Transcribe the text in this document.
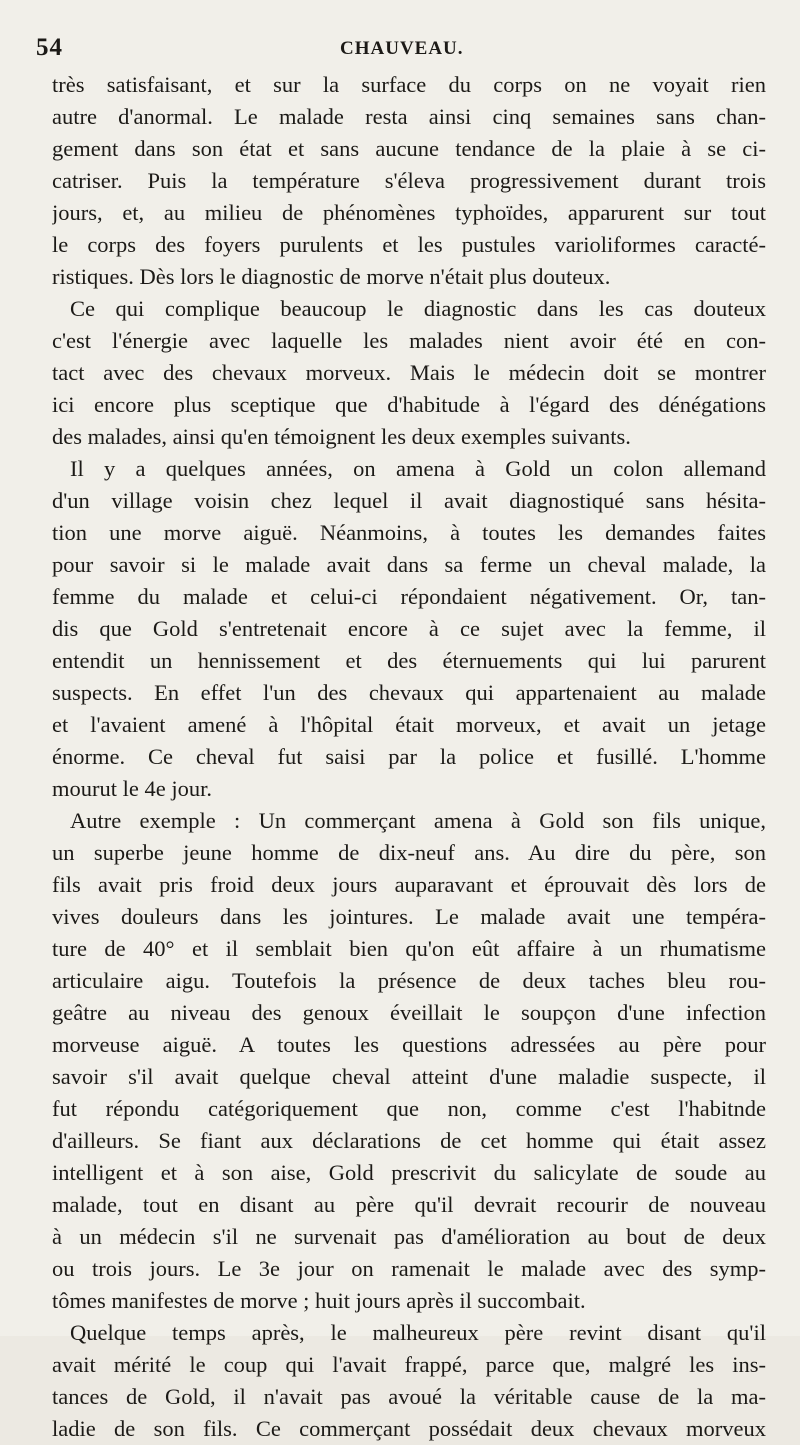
54	CHAUVEAU.
très satisfaisant, et sur la surface du corps on ne voyait rien
autre d'anormal. Le malade resta ainsi cinq semaines sans chan-
gement dans son état et sans aucune tendance de la plaie à se ci-
catriser. Puis la température s'éleva progressivement durant trois
jours, et, au milieu de phénomènes typhoïdes, apparurent sur tout
le corps des foyers purulents et les pustules varioliformes caracté-
ristiques. Dès lors le diagnostic de morve n'était plus douteux.
Ce qui complique beaucoup le diagnostic dans les cas douteux
c'est l'énergie avec laquelle les malades nient avoir été en con-
tact avec des chevaux morveux. Mais le médecin doit se montrer
ici encore plus sceptique que d'habitude à l'égard des dénégations
des malades, ainsi qu'en témoignent les deux exemples suivants.
Il y a quelques années, on amena à Gold un colon allemand
d'un village voisin chez lequel il avait diagnostiqué sans hésita-
tion une morve aiguë. Néanmoins, à toutes les demandes faites
pour savoir si le malade avait dans sa ferme un cheval malade, la
femme du malade et celui-ci répondaient négativement. Or, tan-
dis que Gold s'entretenait encore à ce sujet avec la femme, il
entendit un hennissement et des éternuements qui lui parurent
suspects. En effet l'un des chevaux qui appartenaient au malade
et l'avaient amené à l'hôpital était morveux, et avait un jetage
énorme. Ce cheval fut saisi par la police et fusillé. L'homme
mourut le 4e jour.
Autre exemple : Un commerçant amena à Gold son fils unique,
un superbe jeune homme de dix-neuf ans. Au dire du père, son
fils avait pris froid deux jours auparavant et éprouvait dès lors de
vives douleurs dans les jointures. Le malade avait une tempéra-
ture de 40° et il semblait bien qu'on eût affaire à un rhumatisme
articulaire aigu. Toutefois la présence de deux taches bleu rou-
geâtre au niveau des genoux éveillait le soupçon d'une infection
morveuse aiguë. A toutes les questions adressées au père pour
savoir s'il avait quelque cheval atteint d'une maladie suspecte, il
fut répondu catégoriquement que non, comme c'est l'habitnde
d'ailleurs. Se fiant aux déclarations de cet homme qui était assez
intelligent et à son aise, Gold prescrivit du salicylate de soude au
malade, tout en disant au père qu'il devrait recourir de nouveau
à un médecin s'il ne survenait pas d'amélioration au bout de deux
ou trois jours. Le 3e jour on ramenait le malade avec des symp-
tômes manifestes de morve ; huit jours après il succombait.
Quelque temps après, le malheureux père revint disant qu'il
avait mérité le coup qui l'avait frappé, parce que, malgré les ins-
tances de Gold, il n'avait pas avoué la véritable cause de la ma-
ladie de son fils. Ce commerçant possédait deux chevaux morveux
